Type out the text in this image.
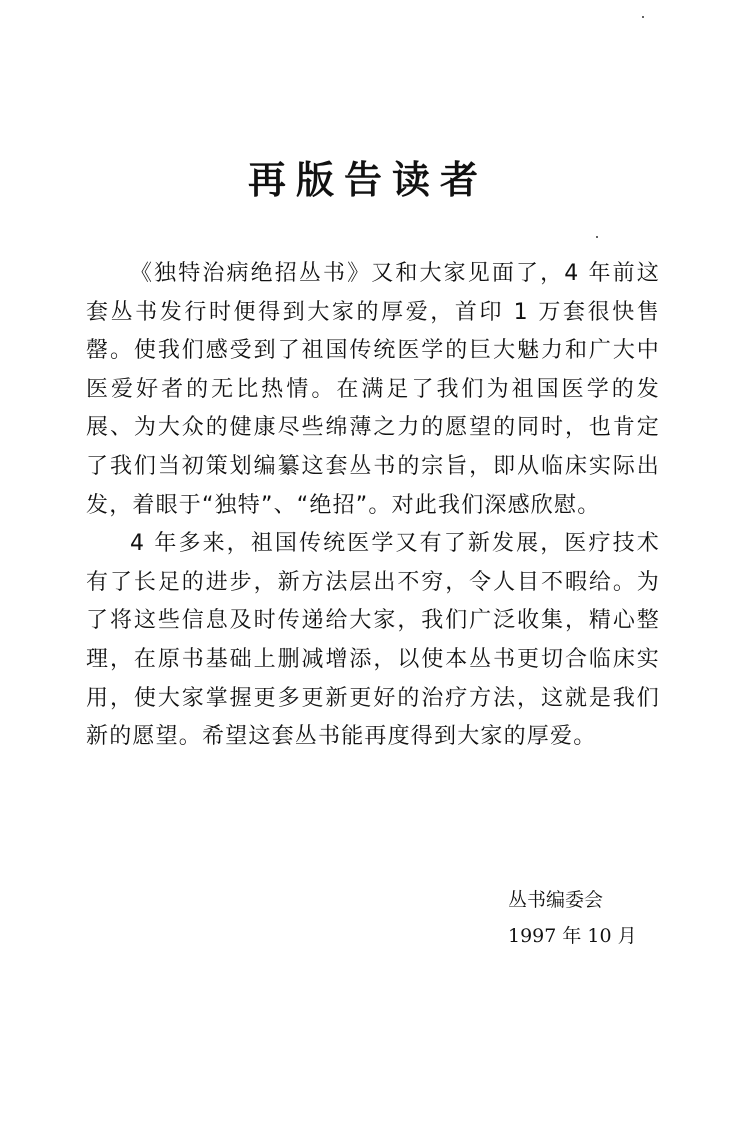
再版告读者

《独特治病绝招丛书》又和大家见面了，4 年前这套丛书发行时便得到大家的厚爱，首印 1 万套很快售罄。使我们感受到了祖国传统医学的巨大魅力和广大中医爱好者的无比热情。在满足了我们为祖国医学的发展、为大众的健康尽些绵薄之力的愿望的同时，也肯定了我们当初策划编纂这套丛书的宗旨，即从临床实际出发，着眼于“独特”、“绝招”。对此我们深感欣慰。

4 年多来，祖国传统医学又有了新发展，医疗技术有了长足的进步，新方法层出不穷，令人目不暇给。为了将这些信息及时传递给大家，我们广泛收集，精心整理，在原书基础上删减增添，以使本丛书更切合临床实用，使大家掌握更多更新更好的治疗方法，这就是我们新的愿望。希望这套丛书能再度得到大家的厚爱。

丛书编委会
1997 年 10 月
